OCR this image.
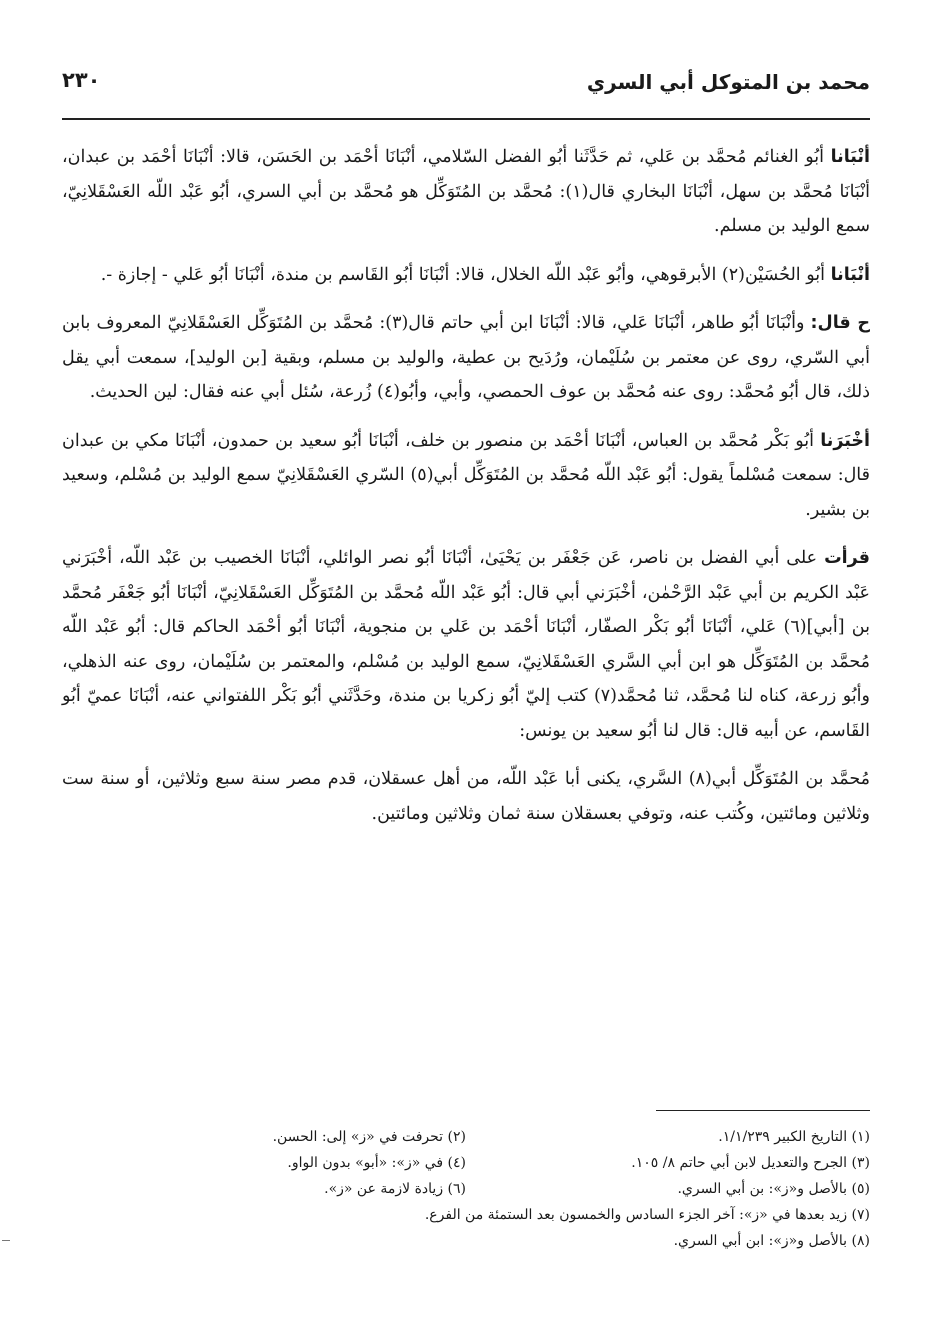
محمد بن المتوكل أبي السري
٢٣٠

أنْبَانا أبُو الغنائم مُحمَّد بن عَلي، ثم حَدَّثَنا أبُو الفضل السّلامي، أنْبَانَا أحْمَد بن الحَسَن، قالا: أنْبَانَا أحْمَد بن عبدان، أنْبَانَا مُحمَّد بن سهل، أنْبَانَا البخاري قال(١): مُحمَّد بن المُتَوَكِّل هو مُحمَّد بن أبي السري، أبُو عَبْد اللّه العَسْقَلانِيّ، سمع الوليد بن مسلم.

أنْبَانا أبُو الحُسَيْن(٢) الأبرقوهي، وأبُو عَبْد اللّه الخلال، قالا: أنْبَانَا أبُو القَاسم بن مندة، أنْبَانَا أبُو عَلي - إجازة -.

ح قال: وأنْبَانَا أبُو طاهر، أنْبَانَا عَلي، قالا: أنْبَانَا ابن أبي حاتم قال(٣): مُحمَّد بن المُتَوَكِّل العَسْقَلانِيّ المعروف بابن أبي السّري، روى عن معتمر بن سُلَيْمان، ورُدَيح بن عطية، والوليد بن مسلم، وبقية [بن الوليد]، سمعت أبي يقل ذلك، قال أبُو مُحمَّد: روى عنه مُحمَّد بن عوف الحمصي، وأبي، وأبُو(٤) زُرعة، سُئل أبي عنه فقال: لين الحديث.

أخْبَرَنا أبُو بَكْر مُحمَّد بن العباس، أنْبَانَا أحْمَد بن منصور بن خلف، أنْبَانَا أبُو سعيد بن حمدون، أنْبَانَا مكي بن عبدان قال: سمعت مُسْلماً يقول: أبُو عَبْد اللّه مُحمَّد بن المُتَوَكِّل أبي(٥) السّري العَسْقَلانِيّ سمع الوليد بن مُسْلم، وسعيد بن بشير.

قرأت على أبي الفضل بن ناصر، عَن جَعْفَر بن يَحْيَىٰ، أنْبَانَا أبُو نصر الوائلي، أنْبَانَا الخصيب بن عَبْد اللّه، أخْبَرَني عَبْد الكريم بن أبي عَبْد الرَّحْمٰن، أخْبَرَني أبي قال: أبُو عَبْد اللّه مُحمَّد بن المُتَوَكِّل العَسْقَلانِيّ، أنْبَانَا أبُو جَعْفَر مُحمَّد بن [أبي](٦) عَلي، أنْبَانَا أبُو بَكْر الصفّار، أنْبَانَا أحْمَد بن عَلي بن منجوية، أنْبَانَا أبُو أحْمَد الحاكم قال: أبُو عَبْد اللّه مُحمَّد بن المُتَوَكِّل هو ابن أبي السَّري العَسْقَلانِيّ، سمع الوليد بن مُسْلم، والمعتمر بن سُلَيْمان، روى عنه الذهلي، وأبُو زرعة، كناه لنا مُحمَّد، ثنا مُحمَّد(٧) كتب إليّ أبُو زكريا بن مندة، وحَدَّثَني أبُو بَكْر اللفتواني عنه، أنْبَانَا عميّ أبُو القَاسم، عن أبيه قال: قال لنا أبُو سعيد بن يونس:

مُحمَّد بن المُتَوَكِّل أبي(٨) السَّري، يكنى أبا عَبْد اللّه، من أهل عسقلان، قدم مصر سنة سبع وثلاثين، أو سنة ست وثلاثين ومائتين، وكُتب عنه، وتوفي بعسقلان سنة ثمان وثلاثين ومائتين.

(١) التاريخ الكبير ١/١/٢٣٩.
(٢) تحرفت في «ز» إلى: الحسن.
(٣) الجرح والتعديل لابن أبي حاتم ٨/ ١٠٥.
(٤) في «ز»: «أبو» بدون الواو.
(٥) بالأصل و«ز»: بن أبي السري.
(٦) زيادة لازمة عن «ز».
(٧) زيد بعدها في «ز»: آخر الجزء السادس والخمسون بعد الستمئة من الفرع.
(٨) بالأصل و«ز»: ابن أبي السري.
